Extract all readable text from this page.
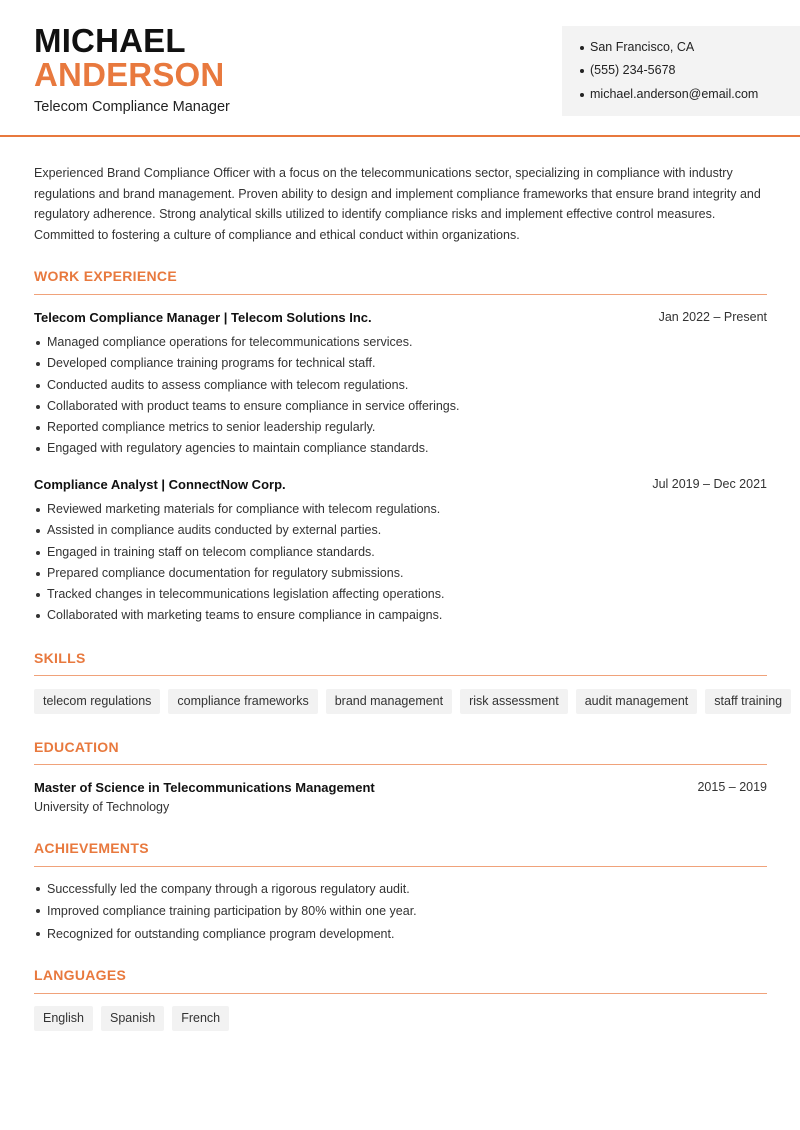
MICHAEL
ANDERSON
Telecom Compliance Manager
San Francisco, CA
(555) 234-5678
michael.anderson@email.com
Experienced Brand Compliance Officer with a focus on the telecommunications sector, specializing in compliance with industry regulations and brand management. Proven ability to design and implement compliance frameworks that ensure brand integrity and regulatory adherence. Strong analytical skills utilized to identify compliance risks and implement effective control measures. Committed to fostering a culture of compliance and ethical conduct within organizations.
WORK EXPERIENCE
Telecom Compliance Manager | Telecom Solutions Inc.	Jan 2022 – Present
Managed compliance operations for telecommunications services.
Developed compliance training programs for technical staff.
Conducted audits to assess compliance with telecom regulations.
Collaborated with product teams to ensure compliance in service offerings.
Reported compliance metrics to senior leadership regularly.
Engaged with regulatory agencies to maintain compliance standards.
Compliance Analyst | ConnectNow Corp.	Jul 2019 – Dec 2021
Reviewed marketing materials for compliance with telecom regulations.
Assisted in compliance audits conducted by external parties.
Engaged in training staff on telecom compliance standards.
Prepared compliance documentation for regulatory submissions.
Tracked changes in telecommunications legislation affecting operations.
Collaborated with marketing teams to ensure compliance in campaigns.
SKILLS
telecom regulations	compliance frameworks	brand management	risk assessment	audit management	staff training
EDUCATION
Master of Science in Telecommunications Management	2015 – 2019
University of Technology
ACHIEVEMENTS
Successfully led the company through a rigorous regulatory audit.
Improved compliance training participation by 80% within one year.
Recognized for outstanding compliance program development.
LANGUAGES
English	Spanish	French
